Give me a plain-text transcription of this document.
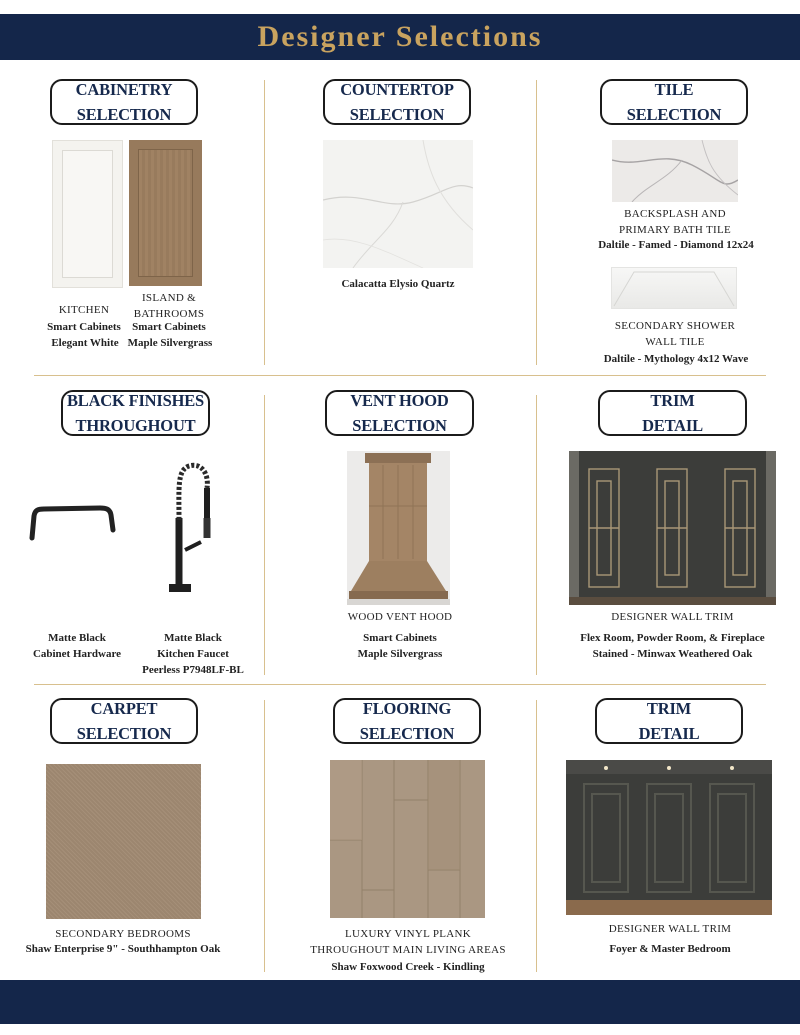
Designer Selections
CABINETRY
SELECTION
KITCHEN
Smart Cabinets
Elegant White
ISLAND &
BATHROOMS
Smart Cabinets
Maple Silvergrass
COUNTERTOP
SELECTION
Calacatta Elysio Quartz
TILE
SELECTION
BACKSPLASH AND
PRIMARY BATH TILE
Daltile - Famed - Diamond 12x24
SECONDARY SHOWER
WALL TILE
Daltile - Mythology 4x12 Wave
BLACK FINISHES
THROUGHOUT
Matte Black
Cabinet Hardware
Matte Black
Kitchen Faucet
Peerless P7948LF-BL
VENT HOOD
SELECTION
WOOD VENT HOOD
Smart Cabinets
Maple Silvergrass
TRIM
DETAIL
DESIGNER WALL TRIM
Flex Room, Powder Room, & Fireplace
Stained - Minwax Weathered Oak
CARPET
SELECTION
SECONDARY BEDROOMS
Shaw Enterprise 9" - Southhampton Oak
FLOORING
SELECTION
LUXURY VINYL PLANK
THROUGHOUT MAIN LIVING AREAS
Shaw Foxwood Creek - Kindling
TRIM
DETAIL
DESIGNER WALL TRIM
Foyer & Master Bedroom
